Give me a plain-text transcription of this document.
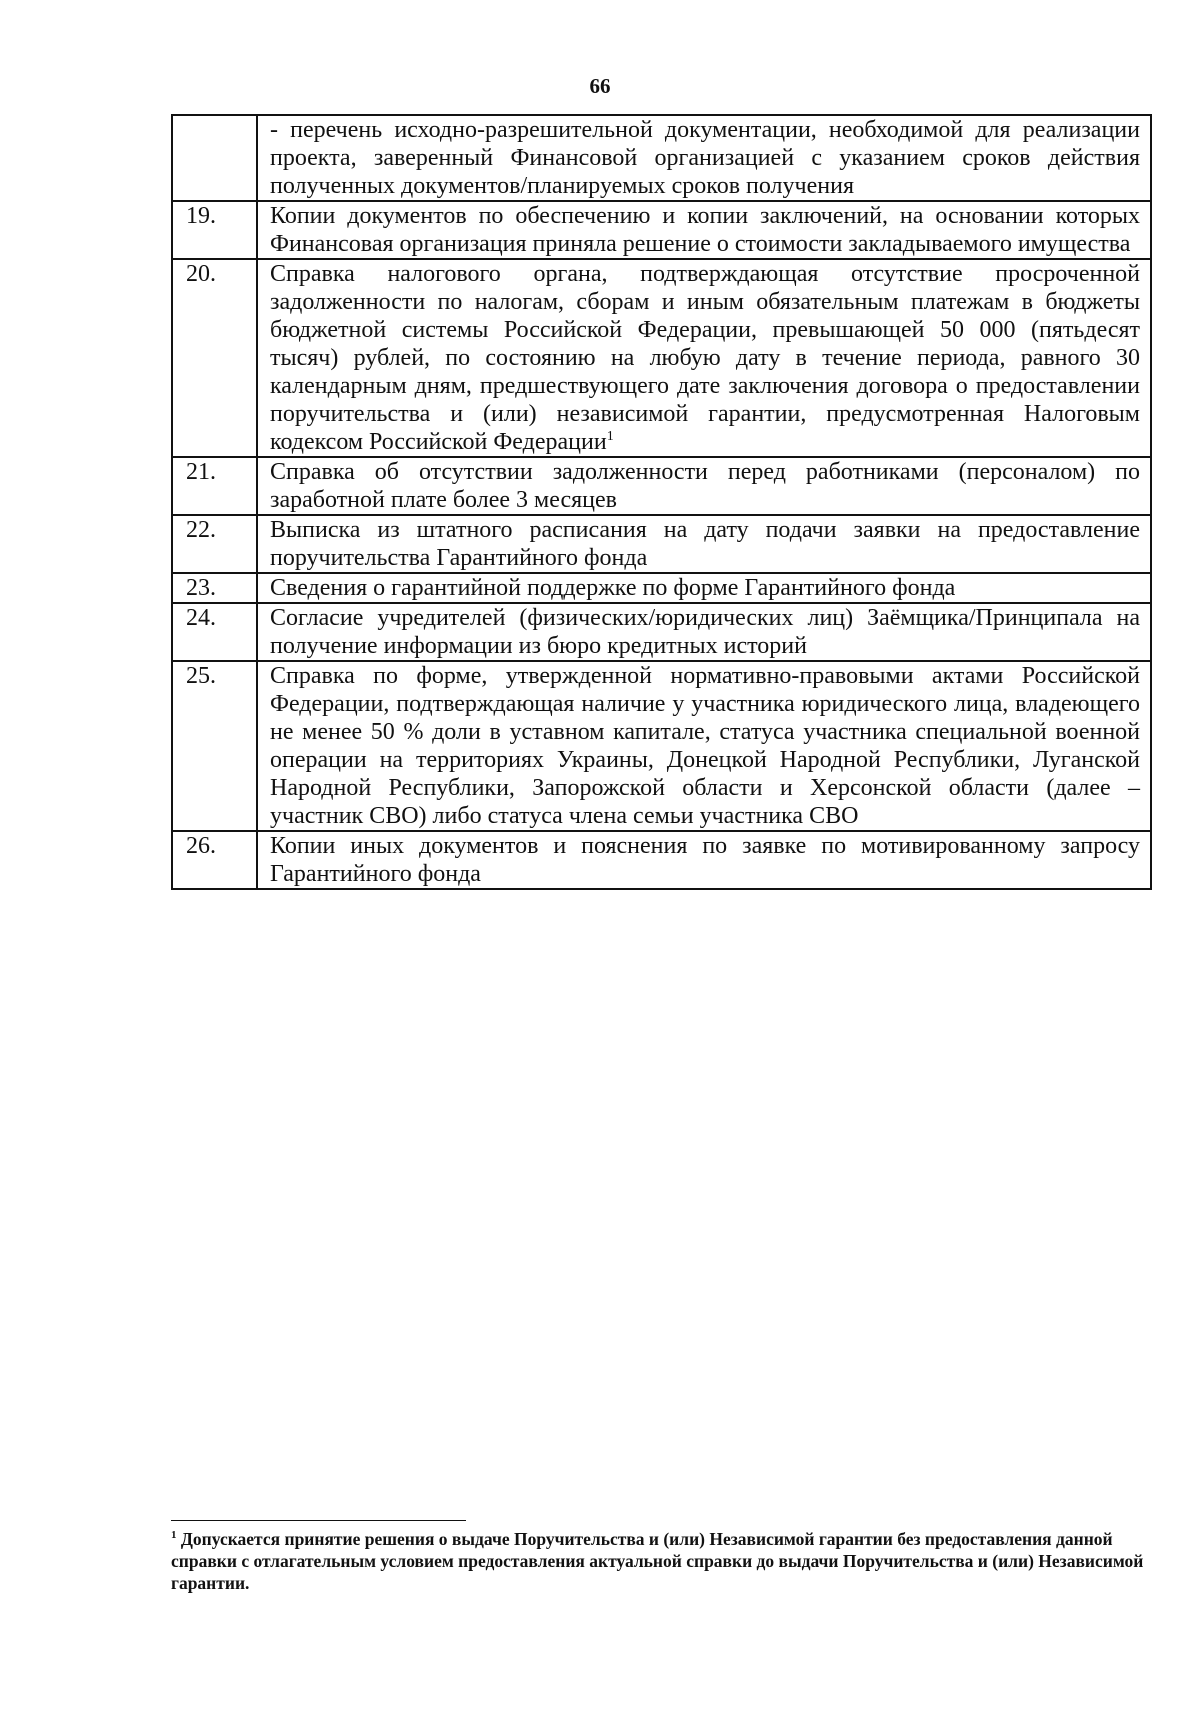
66
	- перечень исходно-разрешительной документации, необходимой для реализации проекта, заверенный Финансовой организацией с указанием сроков действия полученных документов/планируемых сроков получения
19.	Копии документов по обеспечению и копии заключений, на основании которых Финансовая организация приняла решение о стоимости закладываемого имущества
20.	Справка налогового органа, подтверждающая отсутствие просроченной задолженности по налогам, сборам и иным обязательным платежам в бюджеты бюджетной системы Российской Федерации, превышающей 50 000 (пятьдесят тысяч) рублей, по состоянию на любую дату в течение периода, равного 30 календарным дням, предшествующего дате заключения договора о предоставлении поручительства и (или) независимой гарантии, предусмотренная Налоговым кодексом Российской Федерации$^1$
21.	Справка об отсутствии задолженности перед работниками (персоналом) по заработной плате более 3 месяцев
22.	Выписка из штатного расписания на дату подачи заявки на предоставление поручительства Гарантийного фонда
23.	Сведения о гарантийной поддержке по форме Гарантийного фонда
24.	Согласие учредителей (физических/юридических лиц) Заёмщика/Принципала на получение информации из бюро кредитных историй
25.	Справка по форме, утвержденной нормативно-правовыми актами Российской Федерации, подтверждающая наличие у участника юридического лица, владеющего не менее 50 % доли в уставном капитале, статуса участника специальной военной операции на территориях Украины, Донецкой Народной Республики, Луганской Народной Республики, Запорожской области и Херсонской области (далее – участник СВО) либо статуса члена семьи участника СВО
26.	Копии иных документов и пояснения по заявке по мотивированному запросу Гарантийного фонда
$^1$ Допускается принятие решения о выдаче Поручительства и (или) Независимой гарантии без предоставления данной справки с отлагательным условием предоставления актуальной справки до выдачи Поручительства и (или) Независимой гарантии.
